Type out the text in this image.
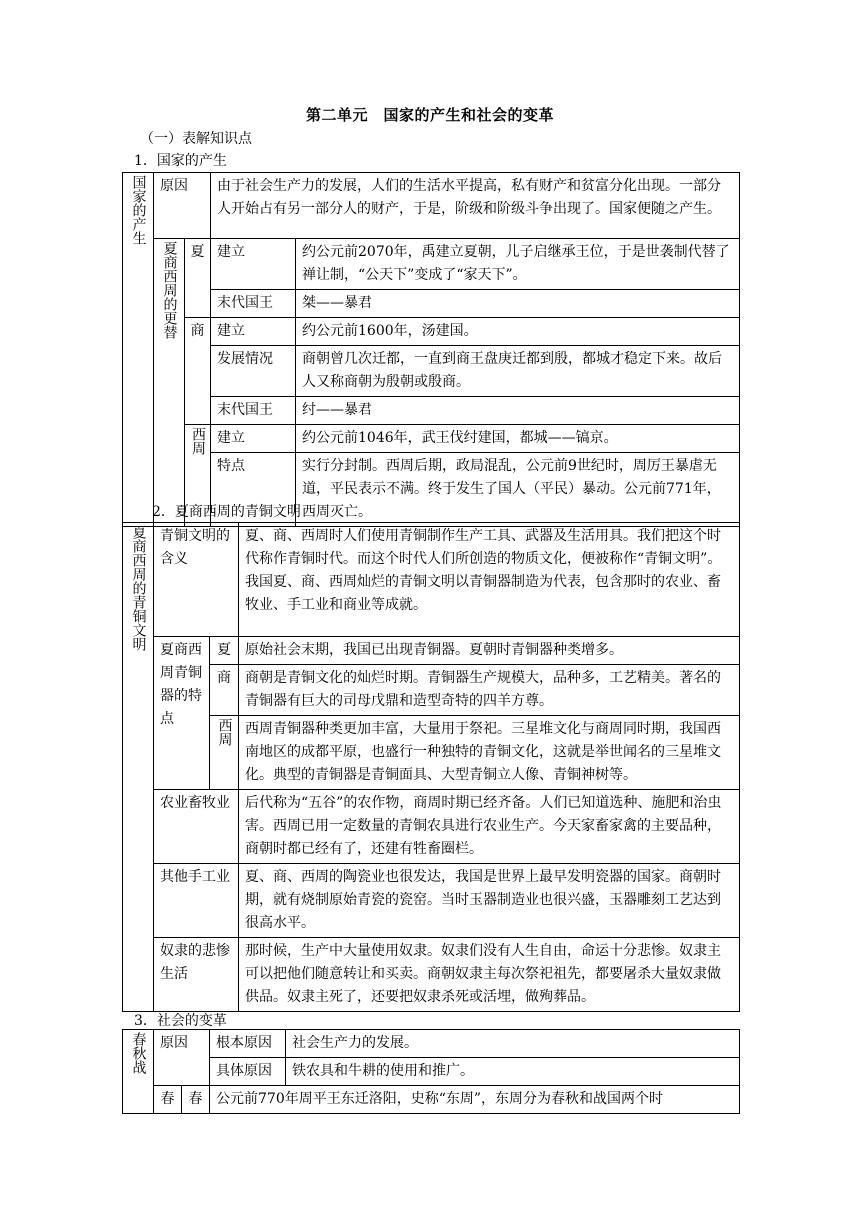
第二单元　国家的产生和社会的变革
（一）表解知识点
1．国家的产生
国家的产生	原因		由于社会生产力的发展，人们的生活水平提高，私有财产和贫富分化出现。一部分人开始占有另一部分人的财产，于是，阶级和阶级斗争出现了。国家便随之产生。	
	夏商西周的更替	夏	建立	约公元前2070年，禹建立夏朝，儿子启继承王位，于是世袭制代替了禅让制，“公天下”变成了“家天下”。
			末代国王	桀——暴君
		商	建立	约公元前1600年，汤建国。
			发展情况	商朝曾几次迁都，一直到商王盘庚迁都到殷，都城才稳定下来。故后人又称商朝为殷朝或殷商。
			末代国王	纣——暴君
		西周	建立	约公元前1046年，武王伐纣建国，都城——镐京。
			特点	实行分封制。西周后期，政局混乱，公元前9世纪时，周厉王暴虐无道，平民表示不满。终于发生了国人（平民）暴动。公元前771年，西周灭亡。
2．夏商西周的青铜文明
夏商西周的青铜文明	青铜文明的含义		夏、商、西周时人们使用青铜制作生产工具、武器及生活用具。我们把这个时代称作青铜时代。而这个时代人们所创造的物质文化，便被称作“青铜文明”。
我国夏、商、西周灿烂的青铜文明以青铜器制造为代表，包含那时的农业、畜牧业、手工业和商业等成就。

	夏商西周青铜器的特点	夏	原始社会末期，我国已出现青铜器。夏朝时青铜器种类增多。
		商	商朝是青铜文化的灿烂时期。青铜器生产规模大，品种多，工艺精美。著名的青铜器有巨大的司母戊鼎和造型奇特的四羊方尊。
		西周	西周青铜器种类更加丰富，大量用于祭祀。三星堆文化与商周同时期，我国西南地区的成都平原，也盛行一种独特的青铜文化，这就是举世闻名的三星堆文化。典型的青铜器是青铜面具、大型青铜立人像、青铜神树等。
	农业畜牧业		后代称为“五谷”的农作物，商周时期已经齐备。人们已知道选种、施肥和治虫害。西周已用一定数量的青铜农具进行农业生产。今天家畜家禽的主要品种，商朝时都已经有了，还建有牲畜圈栏。
	其他手工业		夏、商、西周的陶瓷业也很发达，我国是世界上最早发明瓷器的国家。商朝时期，就有烧制原始青瓷的瓷窑。当时玉器制造业也很兴盛，玉器雕刻工艺达到很高水平。
	奴隶的悲惨生活		那时候，生产中大量使用奴隶。奴隶们没有人生自由，命运十分悲惨。奴隶主可以把他们随意转让和买卖。商朝奴隶主每次祭祀祖先，都要屠杀大量奴隶做供品。奴隶主死了，还要把奴隶杀死或活埋，做殉葬品。
3．社会的变革
春秋战	原因		根本原因	社会生产力的发展。
			具体原因	铁农具和牛耕的使用和推广。
	春	春	公元前770年周平王东迁洛阳，史称“东周”，东周分为春秋和战国两个时	
